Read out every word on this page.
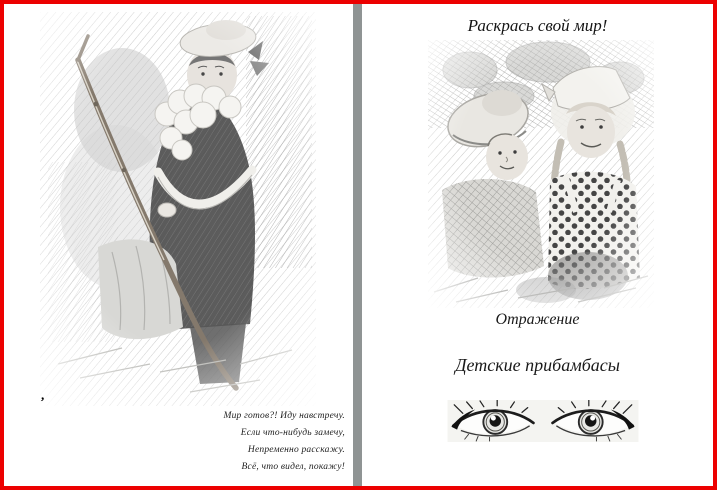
’
Мир готов?! Иду навстречу.
Если что-нибудь замечу,
Непременно расскажу.
Всё, что видел, покажу!
Раскрась свой мир!
Отражение
Детские прибамбасы
